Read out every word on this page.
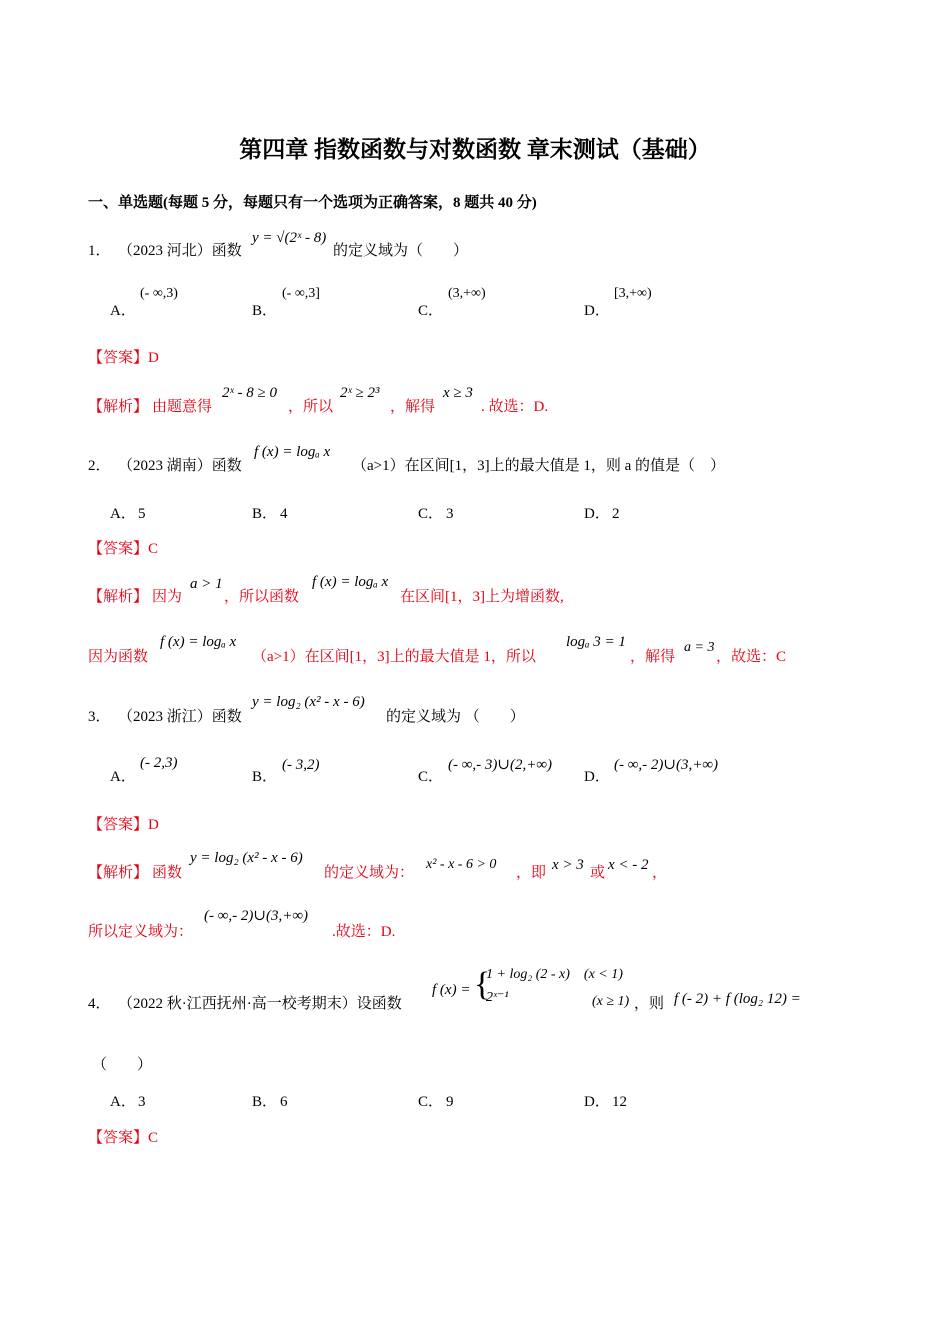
第四章 指数函数与对数函数 章末测试（基础）
一、单选题(每题 5 分，每题只有一个选项为正确答案，8 题共 40 分)
1． （2023 河北）函数
y = √(2ˣ - 8)
的定义域为（　　）
A．
(- ∞,3)
B．
(- ∞,3]
C．
(3,+∞)
D．
[3,+∞)
【答案】D
【解析】 由题意得
2ˣ - 8 ≥ 0
，所以
2ˣ ≥ 2³
，解得
x ≥ 3
. 故选：D.
2． （2023 湖南）函数
f (x) = logₐ x
（a>1）在区间[1，3]上的最大值是 1，则 a 的值是（　）
A． 5	B． 4	C． 3	D． 2
【答案】C
【解析】 因为
a > 1
，所以函数
f (x) = logₐ x
在区间[1，3]上为增函数,
因为函数
f (x) = logₐ x
（a>1）在区间[1，3]上的最大值是 1，所以
logₐ 3 = 1
，解得
a = 3
，故选：C
3． （2023 浙江）函数
y = log₂ (x² - x - 6)
的定义域为 （　　）
A．
(- 2,3)
B．
(- 3,2)
C．
(- ∞,- 3)∪(2,+∞)
D．
(- ∞,- 2)∪(3,+∞)
【答案】D
【解析】 函数
y = log₂ (x² - x - 6)
的定义域为：
x² - x - 6 > 0
，即 x > 3 或 x < - 2 ，
所以定义域为：
(- ∞,- 2)∪(3,+∞)
.故选：D.
4． （2022 秋·江西抚州·高一校考期末）设函数
f (x) = {
1 + log₂ (2 - x)　(x < 1)
2ˣ⁻¹	(x ≥ 1) ，则 f (- 2) + f (log₂ 12) =
（　　）
A． 3	B． 6	C． 9	D． 12
【答案】C
